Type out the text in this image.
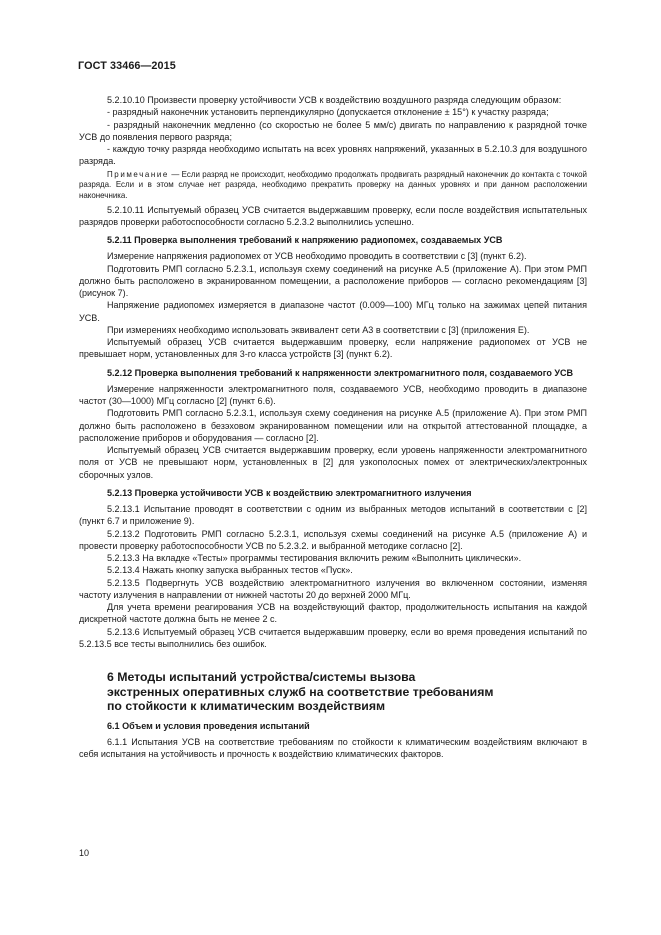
ГОСТ 33466—2015

5.2.10.10 Произвести проверку устойчивости УСВ к воздействию воздушного разряда следующим образом:

- разрядный наконечник установить перпендикулярно (допускается отклонение ± 15°) к участку разряда;

- разрядный наконечник медленно (со скоростью не более 5 мм/с) двигать по направлению к разрядной точке УСВ до появления первого разряда;

- каждую точку разряда необходимо испытать на всех уровнях напряжений, указанных в 5.2.10.3 для воздушного разряда.

Примечание — Если разряд не происходит, необходимо продолжать продвигать разрядный наконечник до контакта с точкой разряда. Если и в этом случае нет разряда, необходимо прекратить проверку на данных уровнях и при данном расположении наконечника.

5.2.10.11 Испытуемый образец УСВ считается выдержавшим проверку, если после воздействия испытательных разрядов проверки работоспособности согласно 5.2.3.2 выполнились успешно.

5.2.11 Проверка выполнения требований к напряжению радиопомех, создаваемых УСВ

Измерение напряжения радиопомех от УСВ необходимо проводить в соответствии с [3] (пункт 6.2).

Подготовить РМП согласно 5.2.3.1, используя схему соединений на рисунке А.5 (приложение А). При этом РМП должно быть расположено в экранированном помещении, а расположение приборов — согласно рекомендациям [3] (рисунок 7).

Напряжение радиопомех измеряется в диапазоне частот (0.009—100) МГц только на зажимах цепей питания УСВ.

При измерениях необходимо использовать эквивалент сети А3 в соответствии с [3] (приложения Е).

Испытуемый образец УСВ считается выдержавшим проверку, если напряжение радиопомех от УСВ не превышает норм, установленных для 3-го класса устройств [3] (пункт 6.2).

5.2.12 Проверка выполнения требований к напряженности электромагнитного поля, создаваемого УСВ

Измерение напряженности электромагнитного поля, создаваемого УСВ, необходимо проводить в диапазоне частот (30—1000) МГц согласно [2] (пункт 6.6).

Подготовить РМП согласно 5.2.3.1, используя схему соединения на рисунке А.5 (приложение А). При этом РМП должно быть расположено в безэховом экранированном помещении или на открытой аттестованной площадке, а расположение приборов и оборудования — согласно [2].

Испытуемый образец УСВ считается выдержавшим проверку, если уровень напряженности электромагнитного поля от УСВ не превышают норм, установленных в [2] для узкополосных помех от электрических/электронных сборочных узлов.

5.2.13 Проверка устойчивости УСВ к воздействию электромагнитного излучения

5.2.13.1 Испытание проводят в соответствии с одним из выбранных методов испытаний в соответствии с [2] (пункт 6.7 и приложение 9).

5.2.13.2 Подготовить РМП согласно 5.2.3.1, используя схемы соединений на рисунке А.5 (приложение А) и провести проверку работоспособности УСВ по 5.2.3.2. и выбранной методике согласно [2].

5.2.13.3 На вкладке «Тесты» программы тестирования включить режим «Выполнить циклически».

5.2.13.4 Нажать кнопку запуска выбранных тестов «Пуск».

5.2.13.5 Подвергнуть УСВ воздействию электромагнитного излучения во включенном состоянии, изменяя частоту излучения в направлении от нижней частоты 20 до верхней 2000 МГц.

Для учета времени реагирования УСВ на воздействующий фактор, продолжительность испытания на каждой дискретной частоте должна быть не менее 2 с.

5.2.13.6 Испытуемый образец УСВ считается выдержавшим проверку, если во время проведения испытаний по 5.2.13.5 все тесты выполнились без ошибок.

6 Методы испытаний устройства/системы вызова
экстренных оперативных служб на соответствие требованиям
по стойкости к климатическим воздействиям

6.1 Объем и условия проведения испытаний

6.1.1 Испытания УСВ на соответствие требованиям по стойкости к климатическим воздействиям включают в себя испытания на устойчивость и прочность к воздействию климатических факторов.

10
